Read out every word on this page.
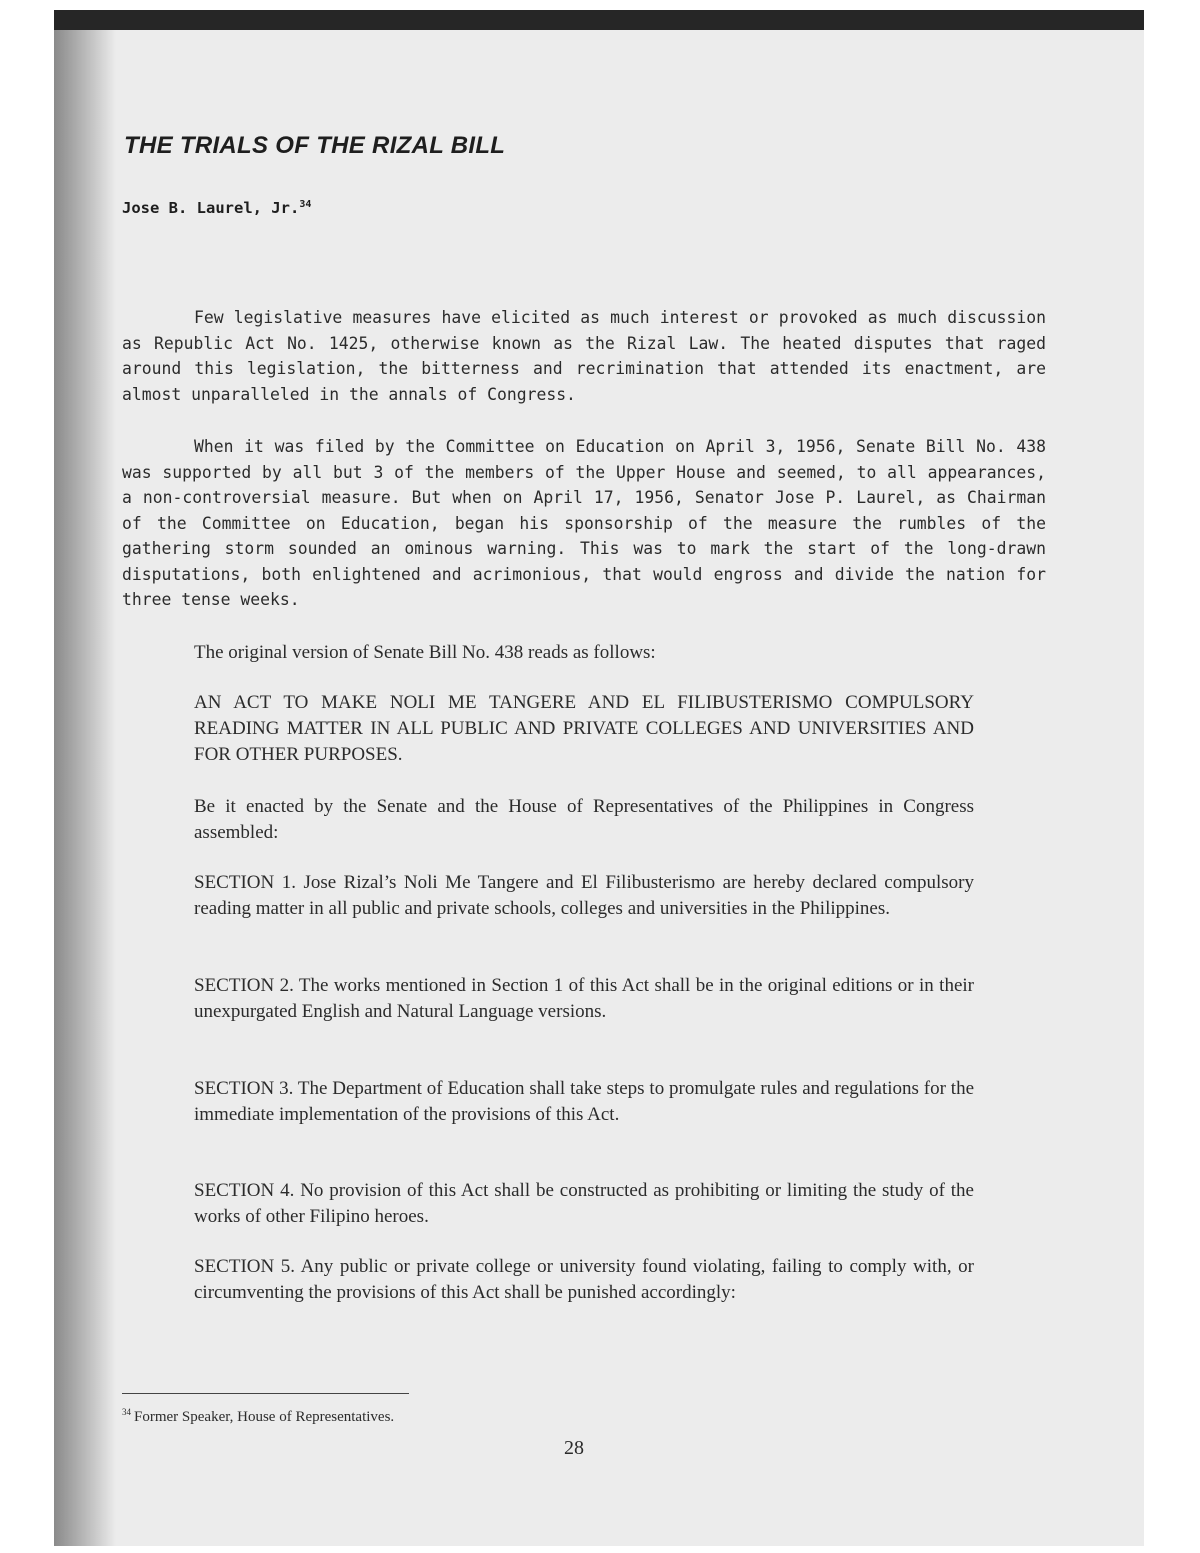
THE TRIALS OF THE RIZAL BILL
Jose B. Laurel, Jr.$^{34}$
Few legislative measures have elicited as much interest or provoked as much discussion as Republic Act No. 1425, otherwise known as the Rizal Law. The heated disputes that raged around this legislation, the bitterness and recrimination that attended its enactment, are almost unparalleled in the annals of Congress.
When it was filed by the Committee on Education on April 3, 1956, Senate Bill No. 438 was supported by all but 3 of the members of the Upper House and seemed, to all appearances, a non-controversial measure. But when on April 17, 1956, Senator Jose P. Laurel, as Chairman of the Committee on Education, began his sponsorship of the measure the rumbles of the gathering storm sounded an ominous warning. This was to mark the start of the long-drawn disputations, both enlightened and acrimonious, that would engross and divide the nation for three tense weeks.
The original version of Senate Bill No. 438 reads as follows:
AN ACT TO MAKE NOLI ME TANGERE AND EL FILIBUSTERISMO COMPULSORY READING MATTER IN ALL PUBLIC AND PRIVATE COLLEGES AND UNIVERSITIES AND FOR OTHER PURPOSES.
Be it enacted by the Senate and the House of Representatives of the Philippines in Congress assembled:
SECTION 1. Jose Rizal’s Noli Me Tangere and El Filibusterismo are hereby declared compulsory reading matter in all public and private schools, colleges and universities in the Philippines.
SECTION 2. The works mentioned in Section 1 of this Act shall be in the original editions or in their unexpurgated English and Natural Language versions.
SECTION 3. The Department of Education shall take steps to promulgate rules and regulations for the immediate implementation of the provisions of this Act.
SECTION 4. No provision of this Act shall be constructed as prohibiting or limiting the study of the works of other Filipino heroes.
SECTION 5. Any public or private college or university found violating, failing to comply with, or circumventing the provisions of this Act shall be punished accordingly:
$^{34}$ Former Speaker, House of Representatives.
28
